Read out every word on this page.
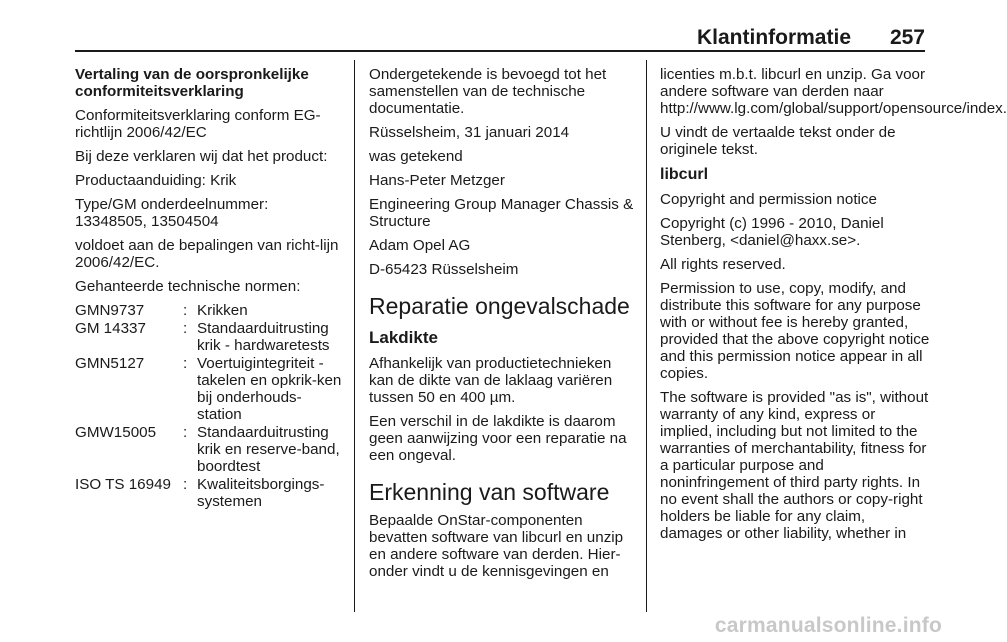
Klantinformatie 257

Vertaling van de oorspronkelijke conformiteitsverklaring

Conformiteitsverklaring conform EG-richtlijn 2006/42/EC

Bij deze verklaren wij dat het product:

Productaanduiding: Krik

Type/GM onderdeelnummer:
13348505, 13504504

voldoet aan de bepalingen van richt-lijn 2006/42/EC.

Gehanteerde technische normen:

GMN9737	:	Krikken
GM 14337	:	Standaarduitrusting krik - hardwaretests
GMN5127	:	Voertuigintegriteit - takelen en opkrik-ken bij onderhouds-station
GMW15005	:	Standaarduitrusting krik en reserve-band, boordtest
ISO TS 16949	:	Kwaliteitsborgings-systemen

Ondergetekende is bevoegd tot het samenstellen van de technische documentatie.

Rüsselsheim, 31 januari 2014

was getekend

Hans-Peter Metzger

Engineering Group Manager Chassis & Structure

Adam Opel AG

D-65423 Rüsselsheim

Reparatie ongevalschade
Lakdikte

Afhankelijk van productietechnieken kan de dikte van de laklaag variëren tussen 50 en 400 µm.

Een verschil in de lakdikte is daarom geen aanwijzing voor een reparatie na een ongeval.

Erkenning van software

Bepaalde OnStar-componenten bevatten software van libcurl en unzip en andere software van derden. Hier-onder vindt u de kennisgevingen en

licenties m.b.t. libcurl en unzip. Ga voor andere software van derden naar http://www.lg.com/global/support/opensource/index.

U vindt de vertaalde tekst onder de originele tekst.

libcurl

Copyright and permission notice

Copyright (c) 1996 - 2010, Daniel Stenberg, <daniel@haxx.se>.

All rights reserved.

Permission to use, copy, modify, and distribute this software for any purpose with or without fee is hereby granted, provided that the above copyright notice and this permission notice appear in all copies.

The software is provided "as is", without warranty of any kind, express or implied, including but not limited to the warranties of merchantability, fitness for a particular purpose and noninfringement of third party rights. In no event shall the authors or copy-right holders be liable for any claim, damages or other liability, whether in

carmanualsonline.info
